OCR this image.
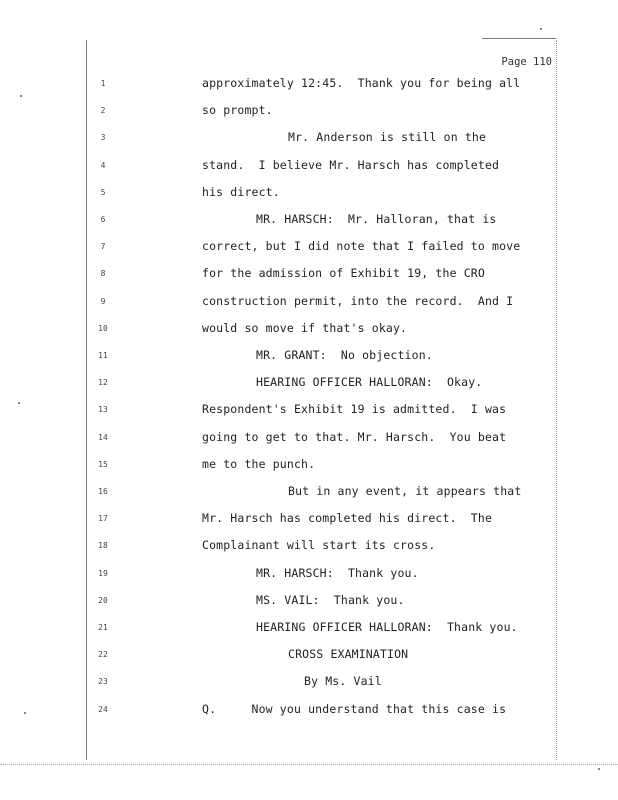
Page 110
1	approximately 12:45.  Thank you for being all
2	so prompt.
3	Mr. Anderson is still on the
4	stand.  I believe Mr. Harsch has completed
5	his direct.
6	MR. HARSCH:  Mr. Halloran, that is
7	correct, but I did note that I failed to move
8	for the admission of Exhibit 19, the CRO
9	construction permit, into the record.  And I
10	would so move if that's okay.
11	MR. GRANT:  No objection.
12	HEARING OFFICER HALLORAN:  Okay.
13	Respondent's Exhibit 19 is admitted.  I was
14	going to get to that. Mr. Harsch.  You beat
15	me to the punch.
16	But in any event, it appears that
17	Mr. Harsch has completed his direct.  The
18	Complainant will start its cross.
19	MR. HARSCH:  Thank you.
20	MS. VAIL:  Thank you.
21	HEARING OFFICER HALLORAN:  Thank you.
22	CROSS EXAMINATION
23	By Ms. Vail
24	Q.     Now you understand that this case is
